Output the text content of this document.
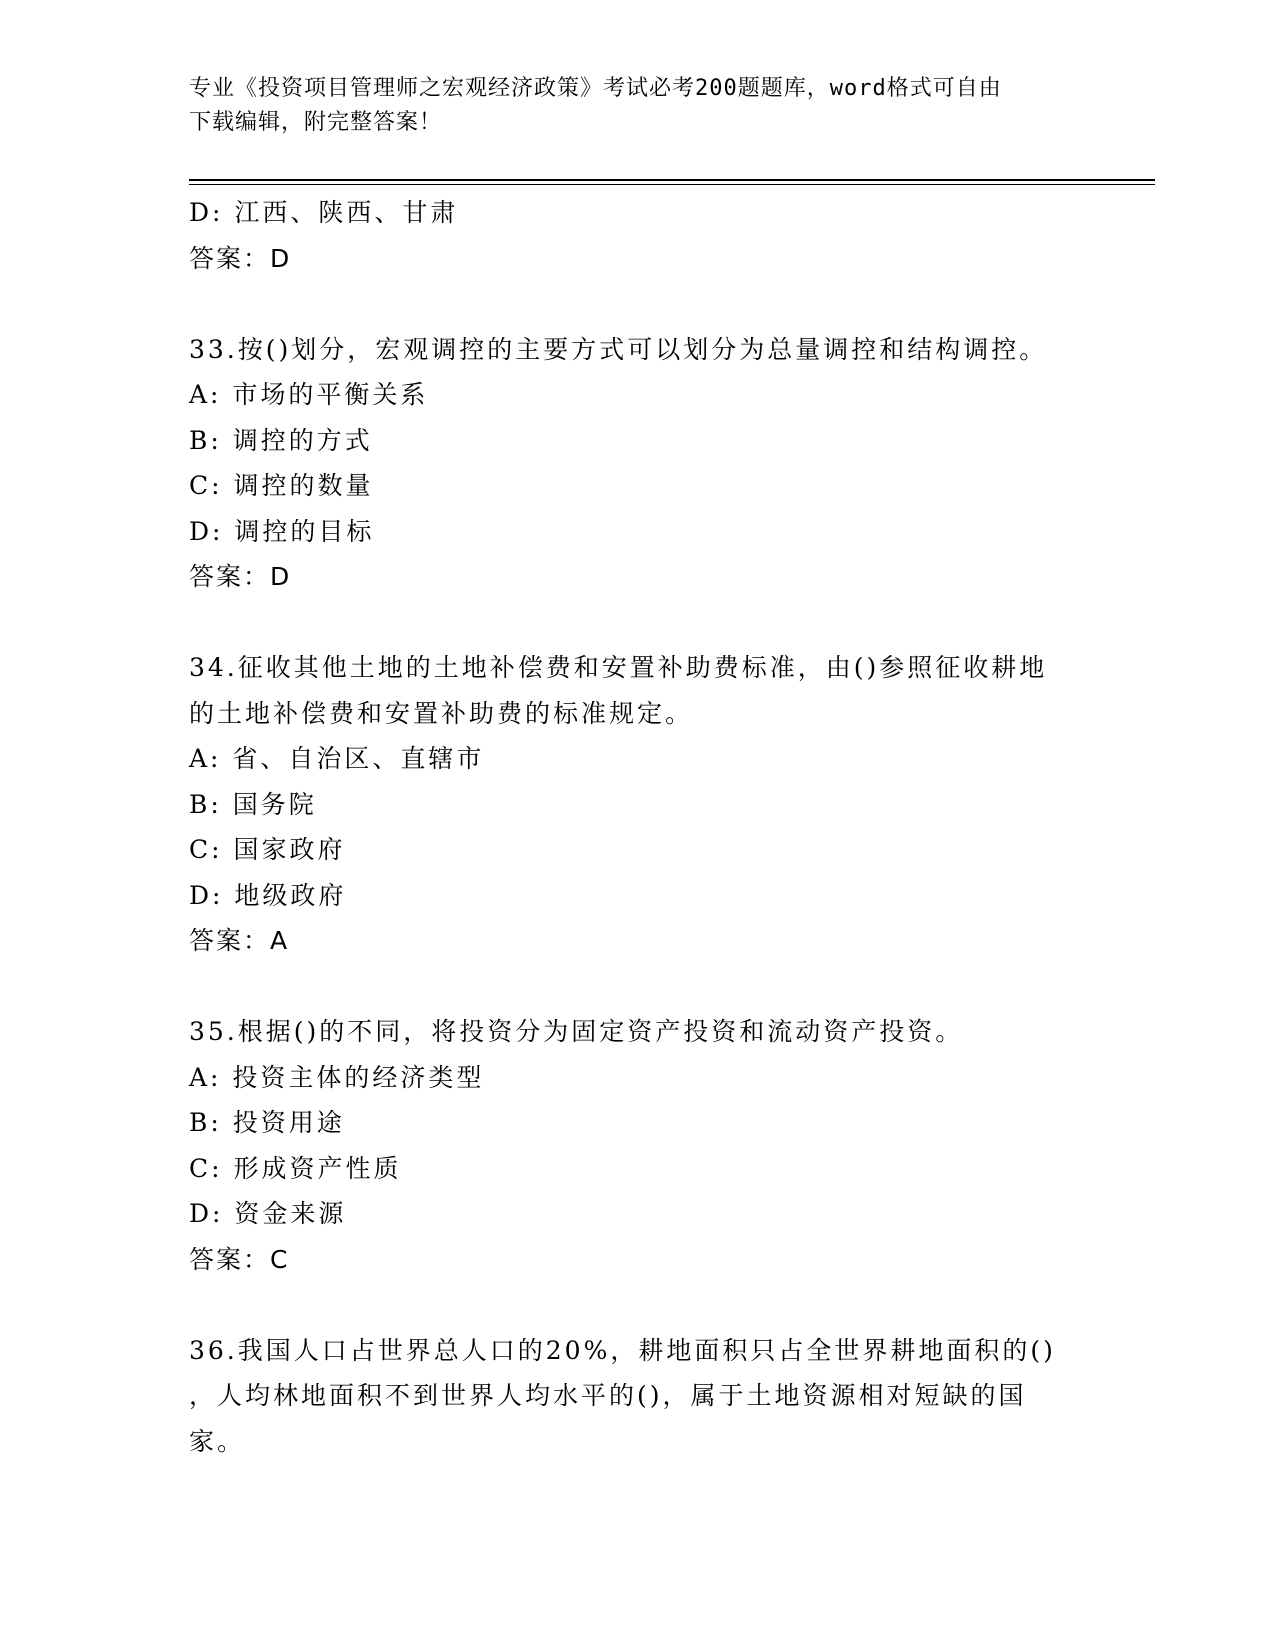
专业《投资项目管理师之宏观经济政策》考试必考200题题库，word格式可自由
下载编辑，附完整答案！
D: 江西、陕西、甘肃
答案：D
33.按()划分，宏观调控的主要方式可以划分为总量调控和结构调控。
A: 市场的平衡关系
B: 调控的方式
C: 调控的数量
D: 调控的目标
答案：D
34.征收其他土地的土地补偿费和安置补助费标准，由()参照征收耕地
的土地补偿费和安置补助费的标准规定。
A: 省、自治区、直辖市
B: 国务院
C: 国家政府
D: 地级政府
答案：A
35.根据()的不同，将投资分为固定资产投资和流动资产投资。
A: 投资主体的经济类型
B: 投资用途
C: 形成资产性质
D: 资金来源
答案：C
36.我国人口占世界总人口的20%，耕地面积只占全世界耕地面积的()
，人均林地面积不到世界人均水平的()，属于土地资源相对短缺的国
家。
